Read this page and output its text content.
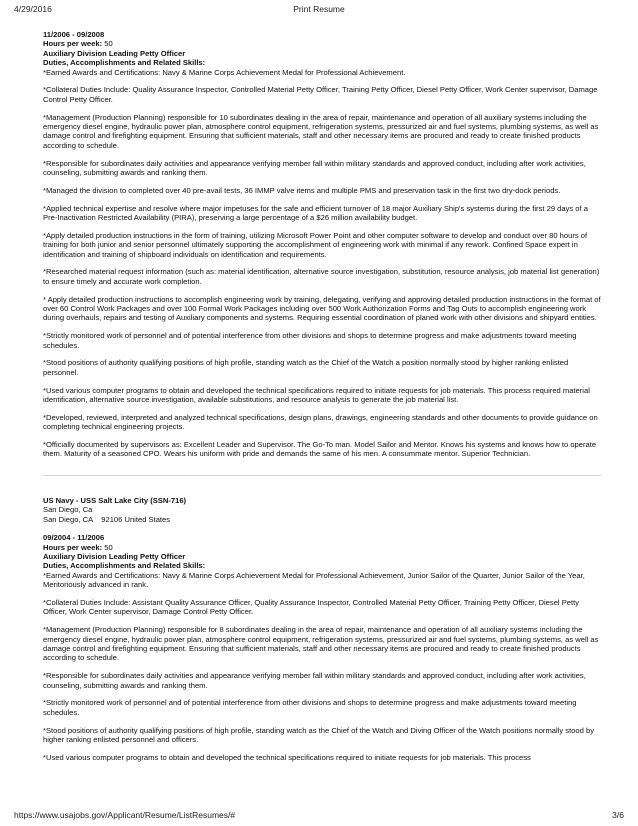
4/29/2016	Print Resume
11/2006 - 09/2008
Hours per week: 50
Auxiliary Division Leading Petty Officer
Duties, Accomplishments and Related Skills:
*Earned Awards and Certifications: Navy & Marine Corps Achievement Medal for Professional Achievement.
*Collateral Duties Include: Quality Assurance Inspector, Controlled Material Petty Officer, Training Petty Officer, Diesel Petty Officer, Work Center supervisor, Damage Control Petty Officer.
*Management (Production Planning) responsible for 10 subordinates dealing in the area of repair, maintenance and operation of all auxiliary systems including the emergency diesel engine, hydraulic power plan, atmosphere control equipment, refrigeration systems, pressurized air and fuel systems, plumbing systems, as well as damage control and firefighting equipment. Ensuring that sufficient materials, staff and other necessary items are procured and ready to create finished products according to schedule.
*Responsible for subordinates daily activities and appearance verifying member fall within military standards and approved conduct, including after work activities, counseling, submitting awards and ranking them.
*Managed the division to completed over 40 pre-avail tests, 36 IMMP valve items and multiple PMS and preservation task in the first two dry-dock periods.
*Applied technical expertise and resolve where major impetuses for the safe and efficient turnover of 18 major Auxiliary Ship's systems during the first 29 days of a Pre-Inactivation Restricted Availability (PIRA), preserving a large percentage of a $26 million availability budget.
*Apply detailed production instructions in the form of training, utilizing Microsoft Power Point and other computer software to develop and conduct over 80 hours of training for both junior and senior personnel ultimately supporting the accomplishment of engineering work with minimal if any rework. Confined Space expert in identification and training of shipboard individuals on identification and requirements.
*Researched material request information (such as: material identification, alternative source investigation, substitution, resource analysis, job material list generation) to ensure timely and accurate work completion.
* Apply detailed production instructions to accomplish engineering work by training, delegating, verifying and approving detailed production instructions in the format of over 60 Control Work Packages and over 100 Formal Work Packages including over 500 Work Authorization Forms and Tag Outs to accomplish engineering work during overhauls, repairs and testing of Auxiliary components and systems. Requiring essential coordination of planed work with other divisions and shipyard entities.
*Strictly monitored work of personnel and of potential interference from other divisions and shops to determine progress and make adjustments toward meeting schedules.
*Stood positions of authority qualifying positions of high profile, standing watch as the Chief of the Watch a position normally stood by higher ranking enlisted personnel.
*Used various computer programs to obtain and developed the technical specifications required to initiate requests for job materials. This process required material identification, alternative source investigation, available substitutions, and resource analysis to generate the job material list.
*Developed, reviewed, interpreted and analyzed technical specifications, design plans, drawings, engineering standards and other documents to provide guidance on completing technical engineering projects.
*Officially documented by supervisors as: Excellent Leader and Supervisor. The Go-To man. Model Sailor and Mentor. Knows his systems and knows how to operate them. Maturity of a seasoned CPO. Wears his uniform with pride and demands the same of his men. A consummate mentor. Superior Technician.
US Navy - USS Salt Lake City (SSN-716)
San Diego, Ca
San Diego, CA    92106 United States
09/2004 - 11/2006
Hours per week: 50
Auxiliary Division Leading Petty Officer
Duties, Accomplishments and Related Skills:
*Earned Awards and Certifications: Navy & Marine Corps Achievement Medal for Professional Achievement, Junior Sailor of the Quarter, Junior Sailor of the Year, Meritoriously advanced in rank.
*Collateral Duties Include: Assistant Quality Assurance Officer, Quality Assurance Inspector, Controlled Material Petty Officer, Training Petty Officer, Diesel Petty Officer, Work Center supervisor, Damage Control Petty Officer.
*Management (Production Planning) responsible for 8 subordinates dealing in the area of repair, maintenance and operation of all auxiliary systems including the emergency diesel engine, hydraulic power plan, atmosphere control equipment, refrigeration systems, pressurized air and fuel systems, plumbing systems, as well as damage control and firefighting equipment. Ensuring that sufficient materials, staff and other necessary items are procured and ready to create finished products according to schedule.
*Responsible for subordinates daily activities and appearance verifying member fall within military standards and approved conduct, including after work activities, counseling, submitting awards and ranking them.
*Strictly monitored work of personnel and of potential interference from other divisions and shops to determine progress and make adjustments toward meeting schedules.
*Stood positions of authority qualifying positions of high profile, standing watch as the Chief of the Watch and Diving Officer of the Watch positions normally stood by higher ranking enlisted personnel and officers.
*Used various computer programs to obtain and developed the technical specifications required to initiate requests for job materials. This process
https://www.usajobs.gov/Applicant/Resume/ListResumes/#	3/6
